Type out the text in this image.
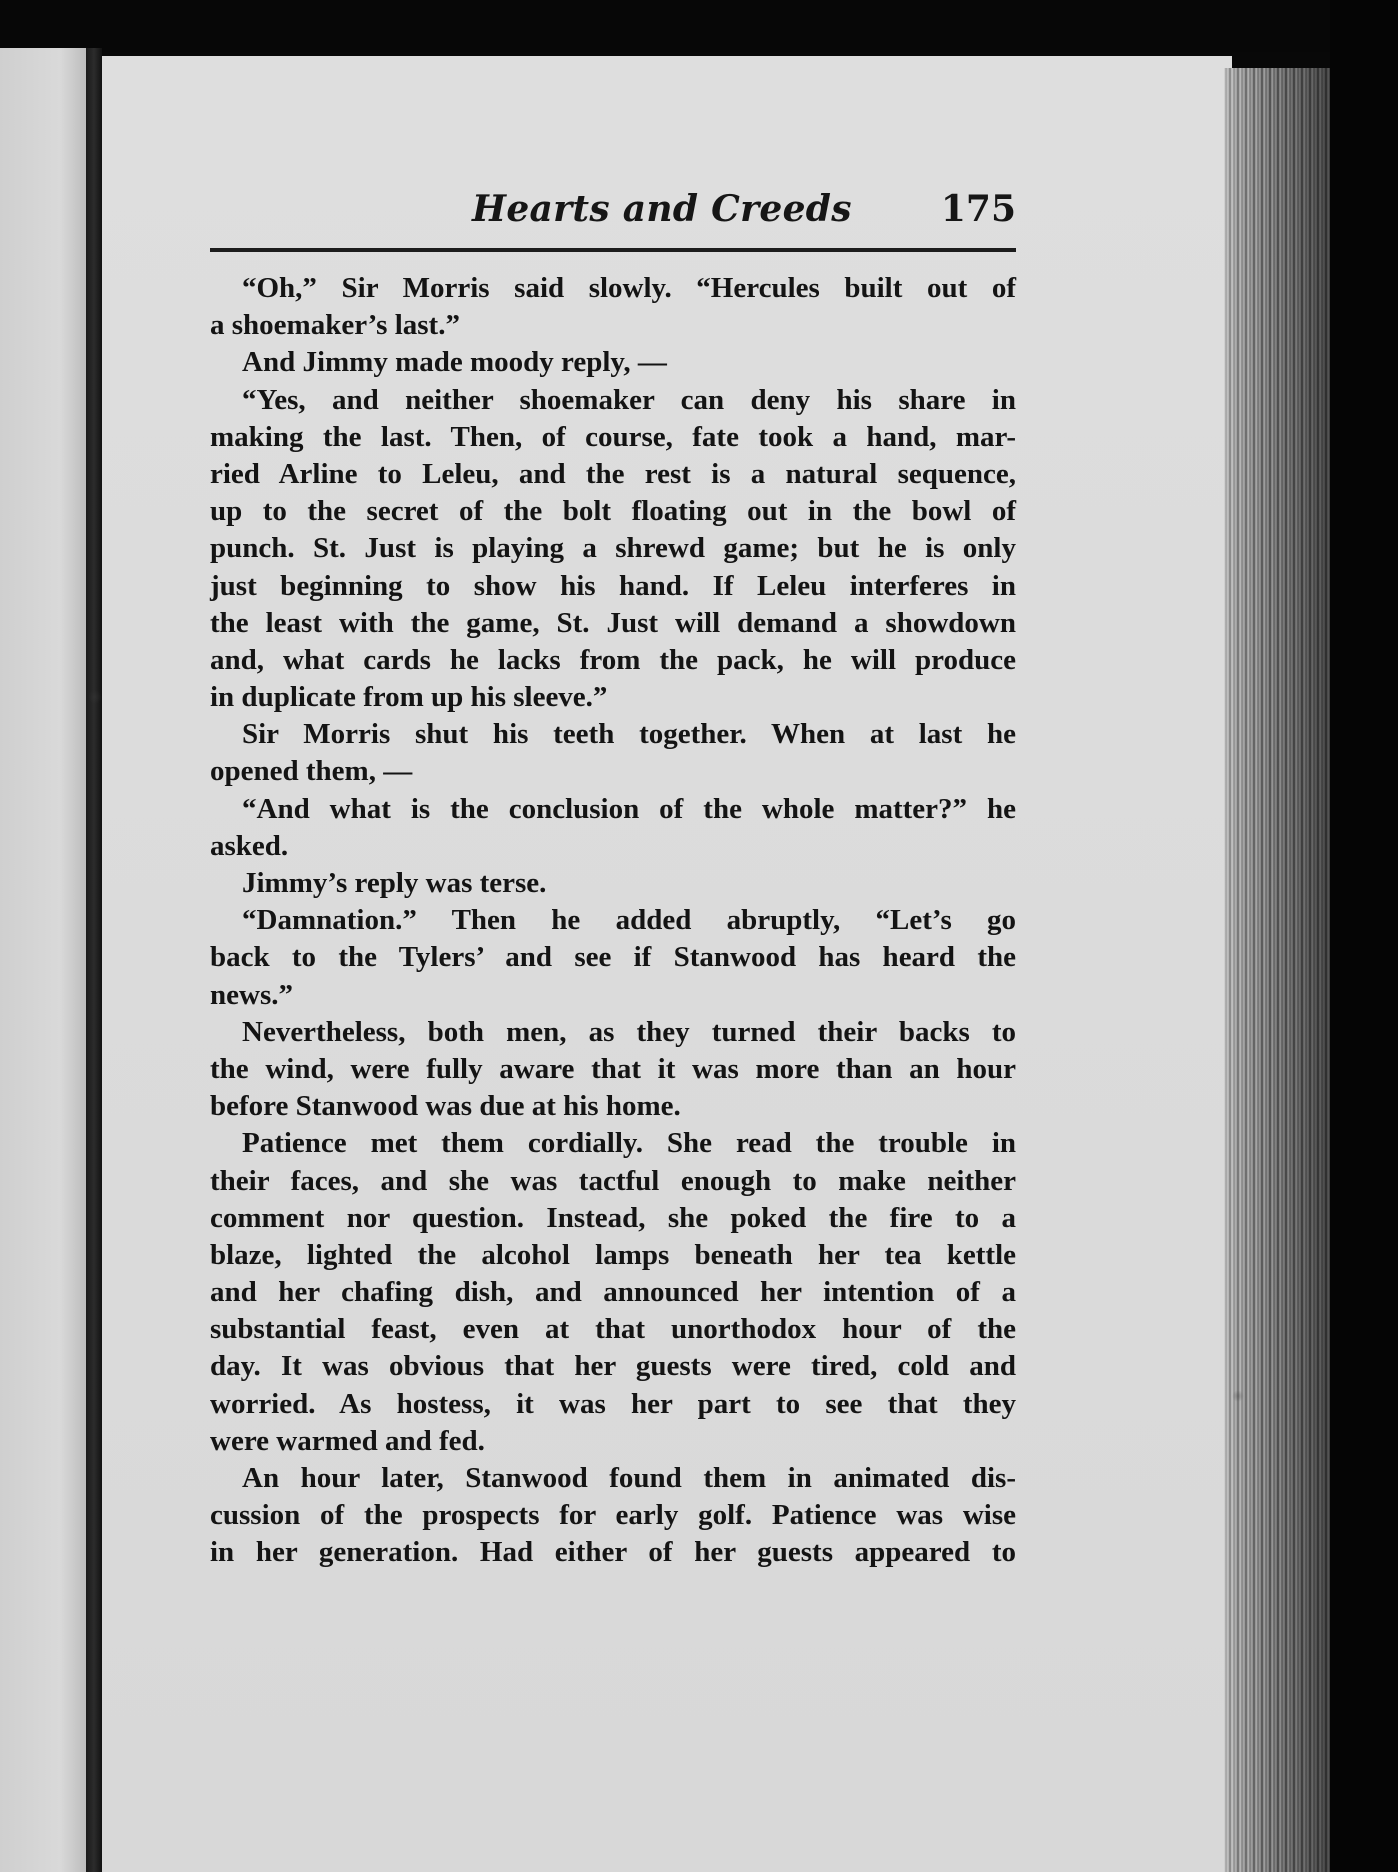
Hearts and Creeds 175
“Oh,” Sir Morris said slowly. “Hercules built out of
a shoemaker’s last.”
And Jimmy made moody reply, —
“Yes, and neither shoemaker can deny his share in
making the last. Then, of course, fate took a hand, mar-
ried Arline to Leleu, and the rest is a natural sequence,
up to the secret of the bolt floating out in the bowl of
punch. St. Just is playing a shrewd game; but he is only
just beginning to show his hand. If Leleu interferes in
the least with the game, St. Just will demand a showdown
and, what cards he lacks from the pack, he will produce
in duplicate from up his sleeve.”
Sir Morris shut his teeth together. When at last he
opened them, —
“And what is the conclusion of the whole matter?” he
asked.
Jimmy’s reply was terse.
“Damnation.” Then he added abruptly, “Let’s go
back to the Tylers’ and see if Stanwood has heard the
news.”
Nevertheless, both men, as they turned their backs to
the wind, were fully aware that it was more than an hour
before Stanwood was due at his home.
Patience met them cordially. She read the trouble in
their faces, and she was tactful enough to make neither
comment nor question. Instead, she poked the fire to a
blaze, lighted the alcohol lamps beneath her tea kettle
and her chafing dish, and announced her intention of a
substantial feast, even at that unorthodox hour of the
day. It was obvious that her guests were tired, cold and
worried. As hostess, it was her part to see that they
were warmed and fed.
An hour later, Stanwood found them in animated dis-
cussion of the prospects for early golf. Patience was wise
in her generation. Had either of her guests appeared to
